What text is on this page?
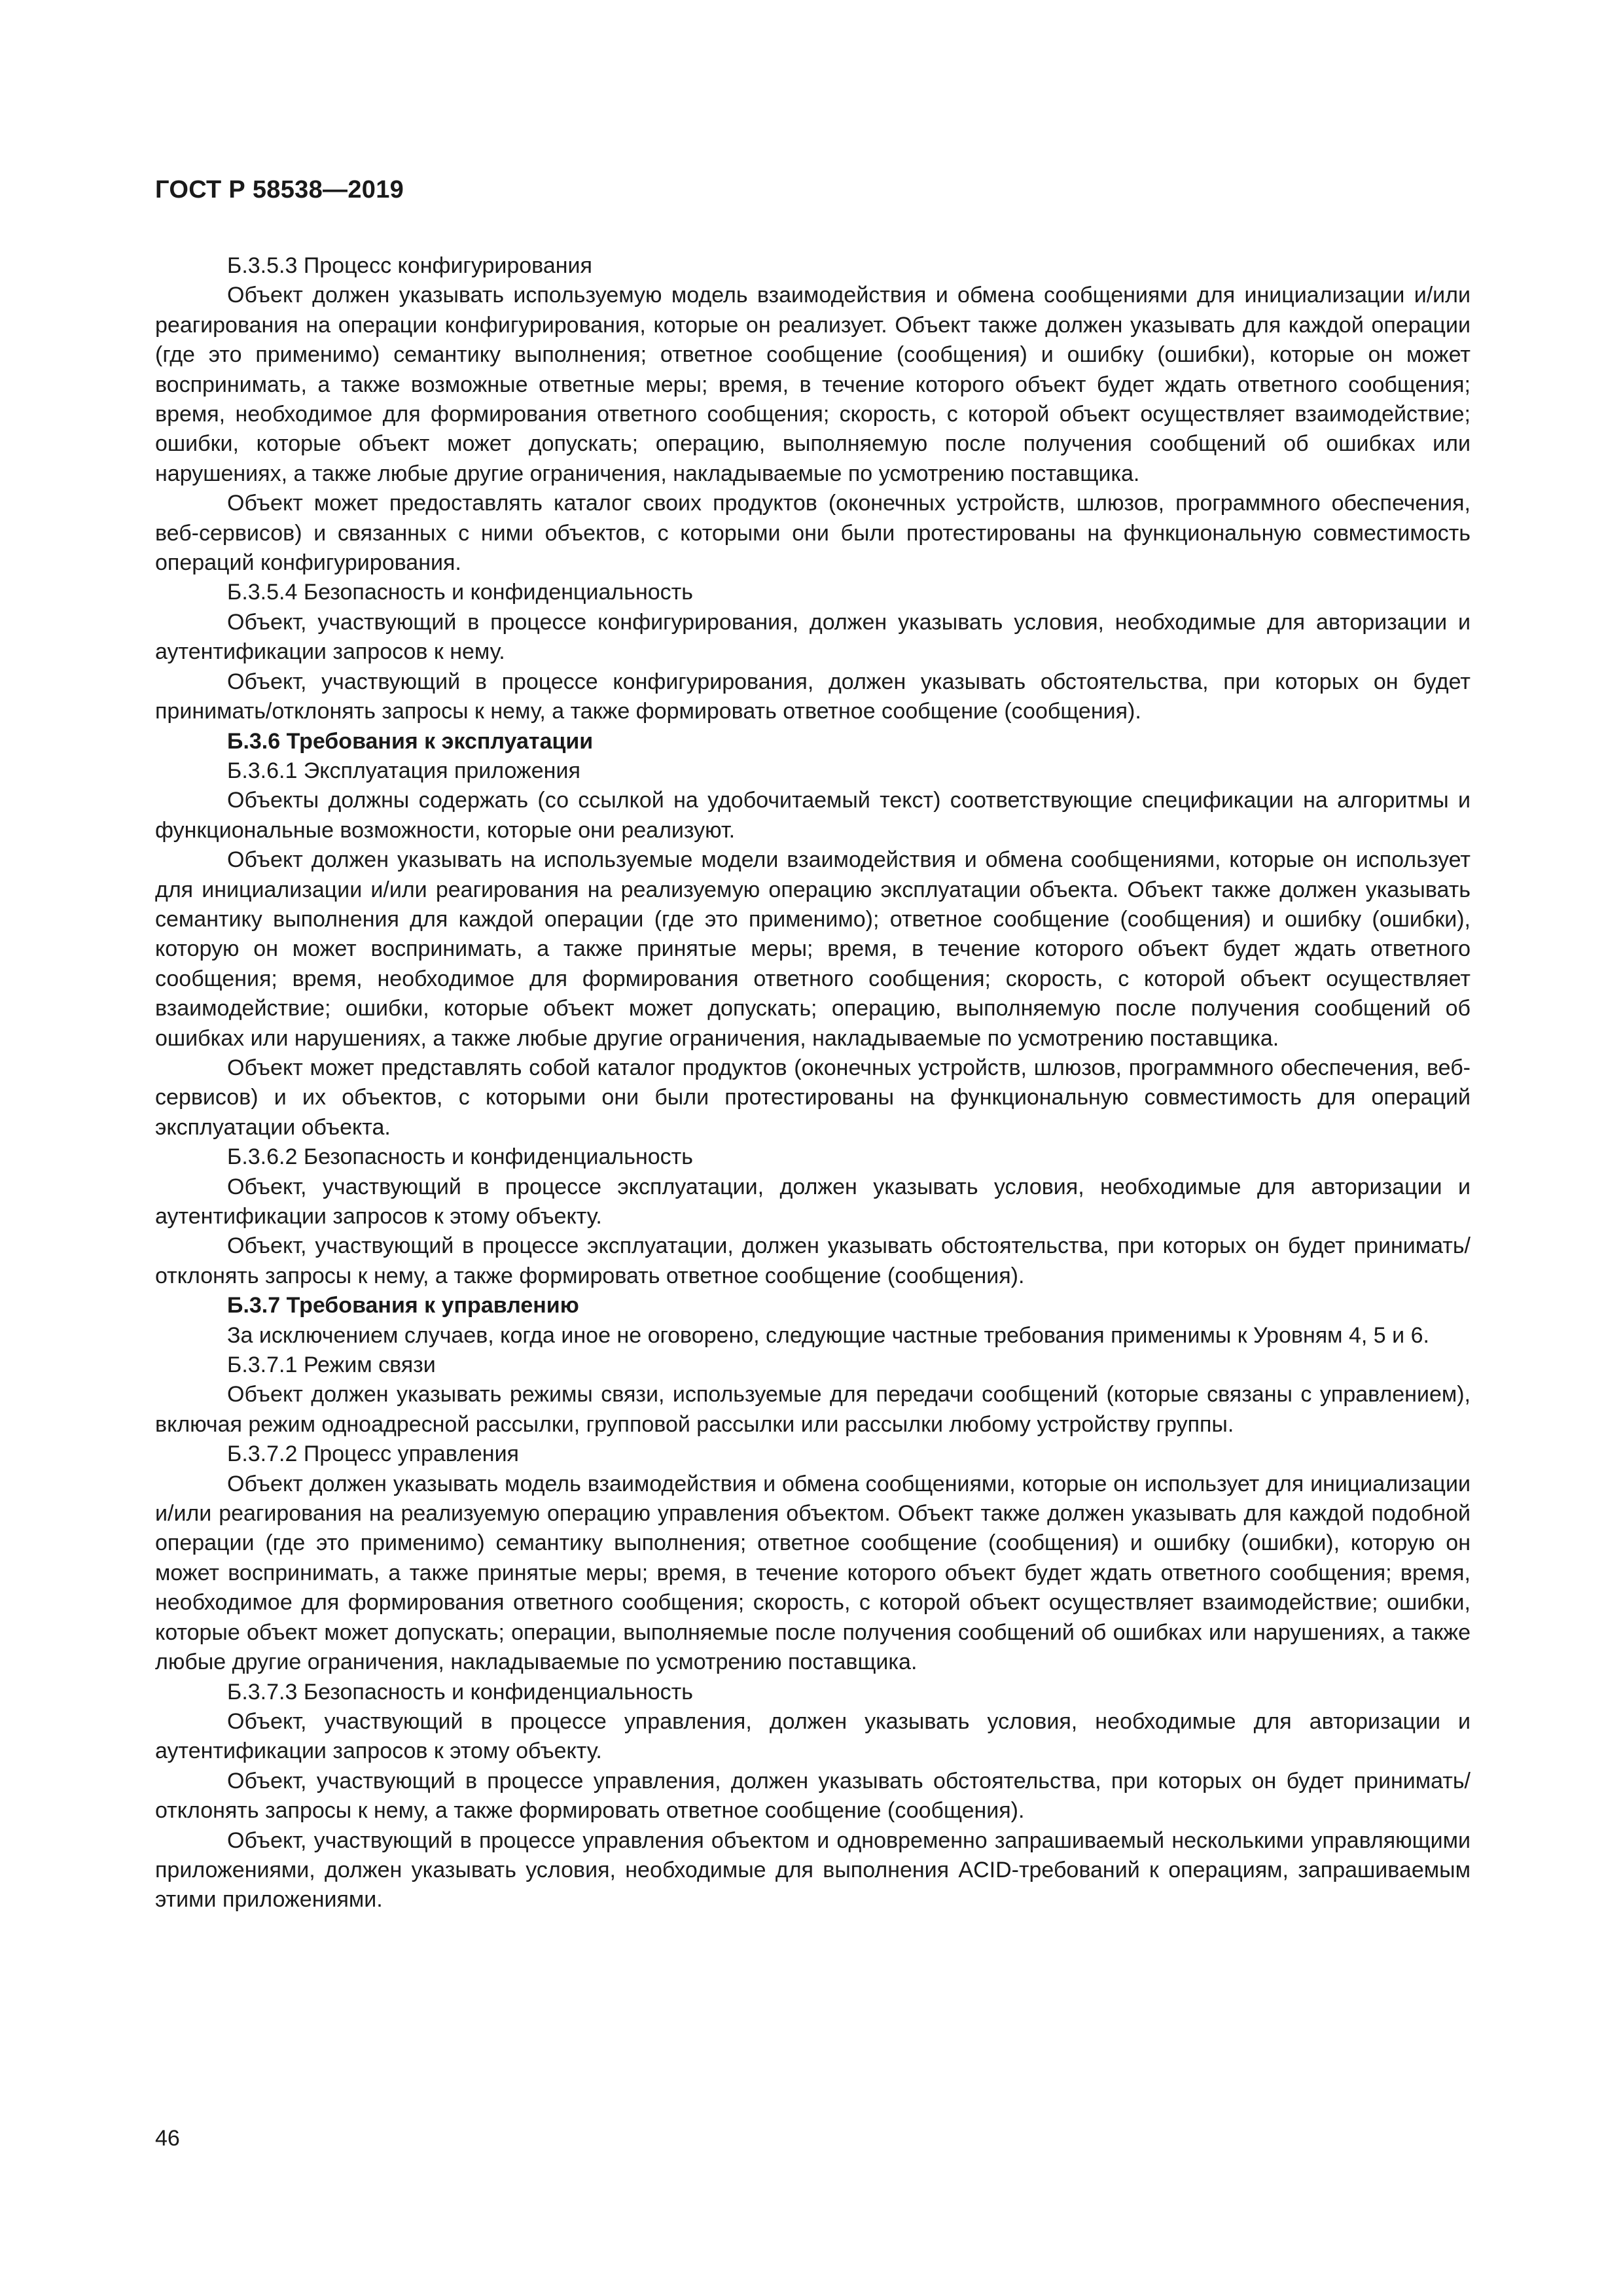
ГОСТ Р 58538—2019

Б.3.5.3 Процесс конфигурирования

Объект должен указывать используемую модель взаимодействия и обмена сообщениями для инициализации и/или реагирования на операции конфигурирования, которые он реализует. Объект также должен указывать для каждой операции (где это применимо) семантику выполнения; ответное сообщение (сообщения) и ошибку (ошибки), которые он может воспринимать, а также возможные ответные меры; время, в течение которого объект будет ждать ответного сообщения; время, необходимое для формирования ответного сообщения; скорость, с которой объект осуществляет взаимодействие; ошибки, которые объект может допускать; операцию, выполняемую после получения сообщений об ошибках или нарушениях, а также любые другие ограничения, накладываемые по усмотрению поставщика.

Объект может предоставлять каталог своих продуктов (оконечных устройств, шлюзов, программного обеспечения, веб-сервисов) и связанных с ними объектов, с которыми они были протестированы на функциональную совместимость операций конфигурирования.

Б.3.5.4 Безопасность и конфиденциальность

Объект, участвующий в процессе конфигурирования, должен указывать условия, необходимые для авторизации и аутентификации запросов к нему.

Объект, участвующий в процессе конфигурирования, должен указывать обстоятельства, при которых он будет принимать/отклонять запросы к нему, а также формировать ответное сообщение (сообщения).

Б.3.6 Требования к эксплуатации

Б.3.6.1 Эксплуатация приложения

Объекты должны содержать (со ссылкой на удобочитаемый текст) соответствующие спецификации на алгоритмы и функциональные возможности, которые они реализуют.

Объект должен указывать на используемые модели взаимодействия и обмена сообщениями, которые он использует для инициализации и/или реагирования на реализуемую операцию эксплуатации объекта. Объект также должен указывать семантику выполнения для каждой операции (где это применимо); ответное сообщение (сообщения) и ошибку (ошибки), которую он может воспринимать, а также принятые меры; время, в течение которого объект будет ждать ответного сообщения; время, необходимое для формирования ответного сообщения; скорость, с которой объект осуществляет взаимодействие; ошибки, которые объект может допускать; операцию, выполняемую после получения сообщений об ошибках или нарушениях, а также любые другие ограничения, накладываемые по усмотрению поставщика.

Объект может представлять собой каталог продуктов (оконечных устройств, шлюзов, программного обеспечения, веб-сервисов) и их объектов, с которыми они были протестированы на функциональную совместимость для операций эксплуатации объекта.

Б.3.6.2 Безопасность и конфиденциальность

Объект, участвующий в процессе эксплуатации, должен указывать условия, необходимые для авторизации и аутентификации запросов к этому объекту.

Объект, участвующий в процессе эксплуатации, должен указывать обстоятельства, при которых он будет принимать/отклонять запросы к нему, а также формировать ответное сообщение (сообщения).

Б.3.7 Требования к управлению

За исключением случаев, когда иное не оговорено, следующие частные требования применимы к Уровням 4, 5 и 6.

Б.3.7.1 Режим связи

Объект должен указывать режимы связи, используемые для передачи сообщений (которые связаны с управлением), включая режим одноадресной рассылки, групповой рассылки или рассылки любому устройству группы.

Б.3.7.2 Процесс управления

Объект должен указывать модель взаимодействия и обмена сообщениями, которые он использует для инициализации и/или реагирования на реализуемую операцию управления объектом. Объект также должен указывать для каждой подобной операции (где это применимо) семантику выполнения; ответное сообщение (сообщения) и ошибку (ошибки), которую он может воспринимать, а также принятые меры; время, в течение которого объект будет ждать ответного сообщения; время, необходимое для формирования ответного сообщения; скорость, с которой объект осуществляет взаимодействие; ошибки, которые объект может допускать; операции, выполняемые после получения сообщений об ошибках или нарушениях, а также любые другие ограничения, накладываемые по усмотрению поставщика.

Б.3.7.3 Безопасность и конфиденциальность

Объект, участвующий в процессе управления, должен указывать условия, необходимые для авторизации и аутентификации запросов к этому объекту.

Объект, участвующий в процессе управления, должен указывать обстоятельства, при которых он будет принимать/отклонять запросы к нему, а также формировать ответное сообщение (сообщения).

Объект, участвующий в процессе управления объектом и одновременно запрашиваемый несколькими управляющими приложениями, должен указывать условия, необходимые для выполнения ACID-требований к операциям, запрашиваемым этими приложениями.

46
